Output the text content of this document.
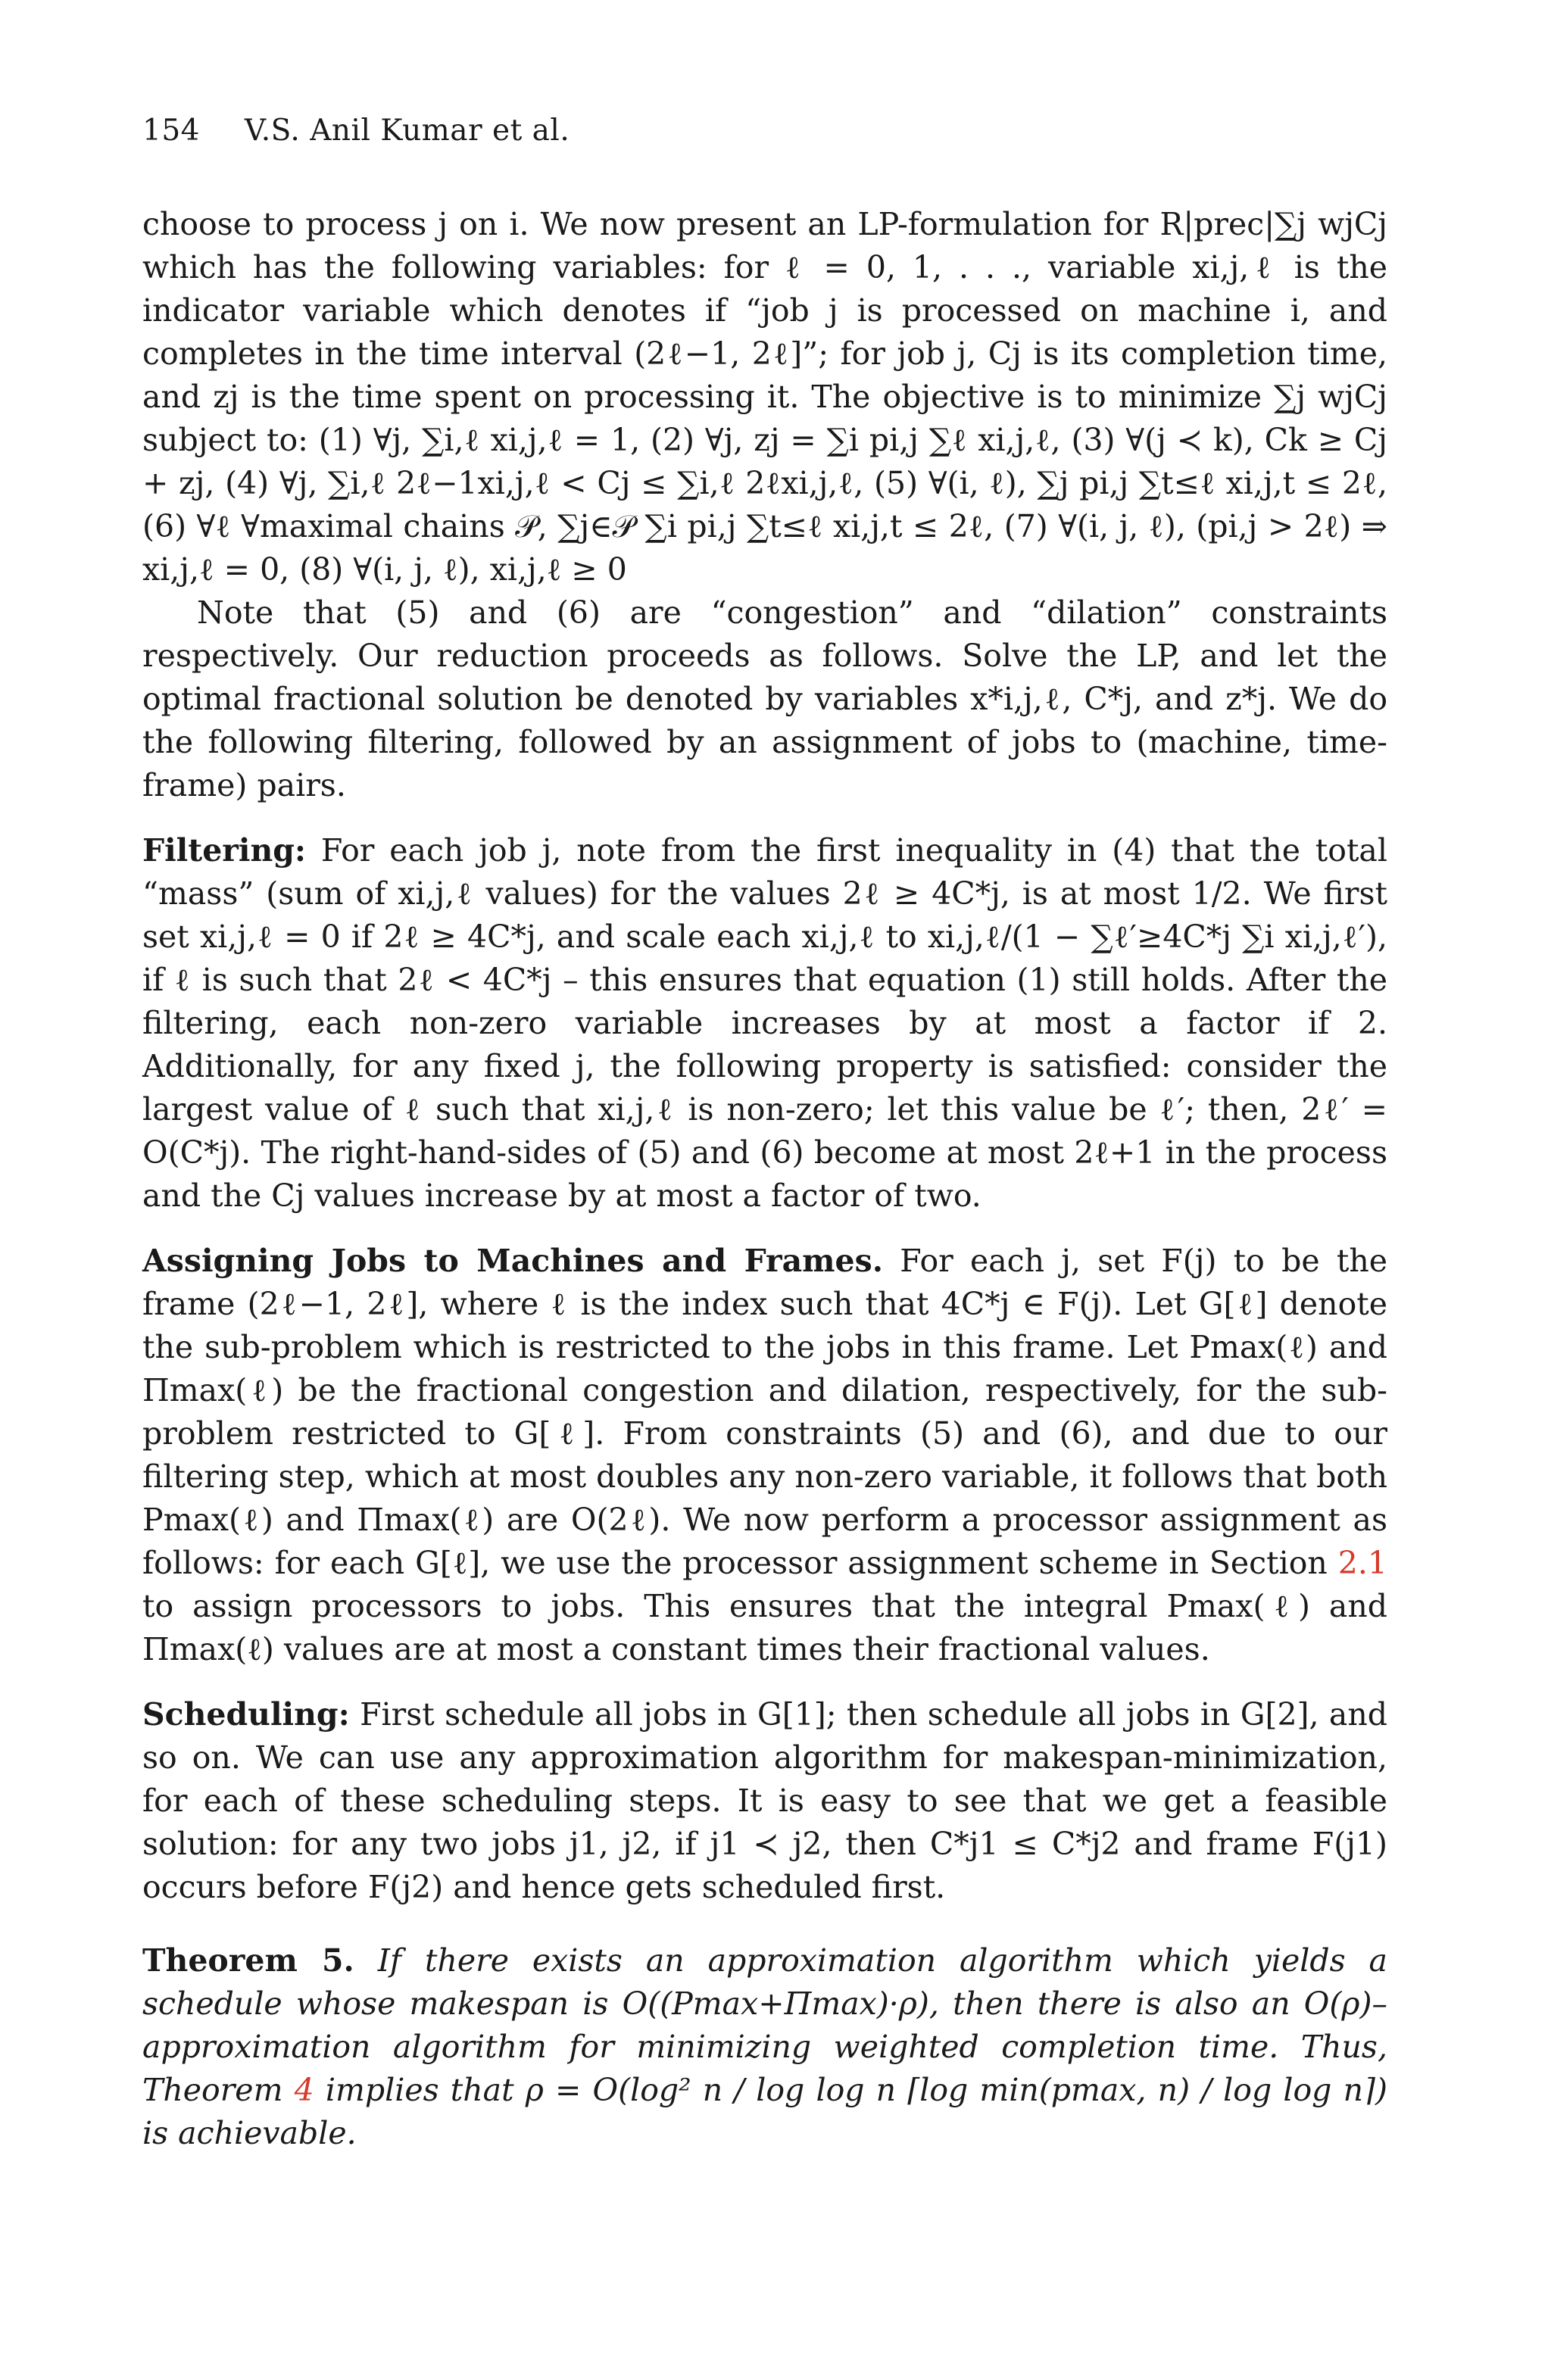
154 V.S. Anil Kumar et al.

choose to process j on i. We now present an LP-formulation for R|prec|∑j wjCj which has the following variables: for ℓ = 0, 1, . . ., variable xi,j,ℓ is the indicator variable which denotes if “job j is processed on machine i, and completes in the time interval (2ℓ−1, 2ℓ]”; for job j, Cj is its completion time, and zj is the time spent on processing it. The objective is to minimize ∑j wjCj subject to: (1) ∀j, ∑i,ℓ xi,j,ℓ = 1, (2) ∀j, zj = ∑i pi,j ∑ℓ xi,j,ℓ, (3) ∀(j ≺ k), Ck ≥ Cj + zj, (4) ∀j, ∑i,ℓ 2ℓ−1xi,j,ℓ < Cj ≤ ∑i,ℓ 2ℓxi,j,ℓ, (5) ∀(i, ℓ), ∑j pi,j ∑t≤ℓ xi,j,t ≤ 2ℓ, (6) ∀ℓ ∀maximal chains 𝒫, ∑j∈𝒫 ∑i pi,j ∑t≤ℓ xi,j,t ≤ 2ℓ, (7) ∀(i, j, ℓ), (pi,j > 2ℓ) ⇒ xi,j,ℓ = 0, (8) ∀(i, j, ℓ), xi,j,ℓ ≥ 0

Note that (5) and (6) are “congestion” and “dilation” constraints respectively. Our reduction proceeds as follows. Solve the LP, and let the optimal fractional solution be denoted by variables x*i,j,ℓ, C*j, and z*j. We do the following filtering, followed by an assignment of jobs to (machine, time-frame) pairs.

Filtering: For each job j, note from the first inequality in (4) that the total “mass” (sum of xi,j,ℓ values) for the values 2ℓ ≥ 4C*j, is at most 1/2. We first set xi,j,ℓ = 0 if 2ℓ ≥ 4C*j, and scale each xi,j,ℓ to xi,j,ℓ/(1 − ∑ℓ′≥4C*j ∑i xi,j,ℓ′), if ℓ is such that 2ℓ < 4C*j – this ensures that equation (1) still holds. After the filtering, each non-zero variable increases by at most a factor if 2. Additionally, for any fixed j, the following property is satisfied: consider the largest value of ℓ such that xi,j,ℓ is non-zero; let this value be ℓ′; then, 2ℓ′ = O(C*j). The right-hand-sides of (5) and (6) become at most 2ℓ+1 in the process and the Cj values increase by at most a factor of two.

Assigning Jobs to Machines and Frames. For each j, set F(j) to be the frame (2ℓ−1, 2ℓ], where ℓ is the index such that 4C*j ∈ F(j). Let G[ℓ] denote the sub-problem which is restricted to the jobs in this frame. Let Pmax(ℓ) and Πmax(ℓ) be the fractional congestion and dilation, respectively, for the sub-problem restricted to G[ℓ]. From constraints (5) and (6), and due to our filtering step, which at most doubles any non-zero variable, it follows that both Pmax(ℓ) and Πmax(ℓ) are O(2ℓ). We now perform a processor assignment as follows: for each G[ℓ], we use the processor assignment scheme in Section 2.1 to assign processors to jobs. This ensures that the integral Pmax(ℓ) and Πmax(ℓ) values are at most a constant times their fractional values.

Scheduling: First schedule all jobs in G[1]; then schedule all jobs in G[2], and so on. We can use any approximation algorithm for makespan-minimization, for each of these scheduling steps. It is easy to see that we get a feasible solution: for any two jobs j1, j2, if j1 ≺ j2, then C*j1 ≤ C*j2 and frame F(j1) occurs before F(j2) and hence gets scheduled first.

Theorem 5. If there exists an approximation algorithm which yields a schedule whose makespan is O((Pmax+Πmax)·ρ), then there is also an O(ρ)–approximation algorithm for minimizing weighted completion time. Thus, Theorem 4 implies that ρ = O(log² n / log log n ⌈log min(pmax, n) / log log n⌉) is achievable.
